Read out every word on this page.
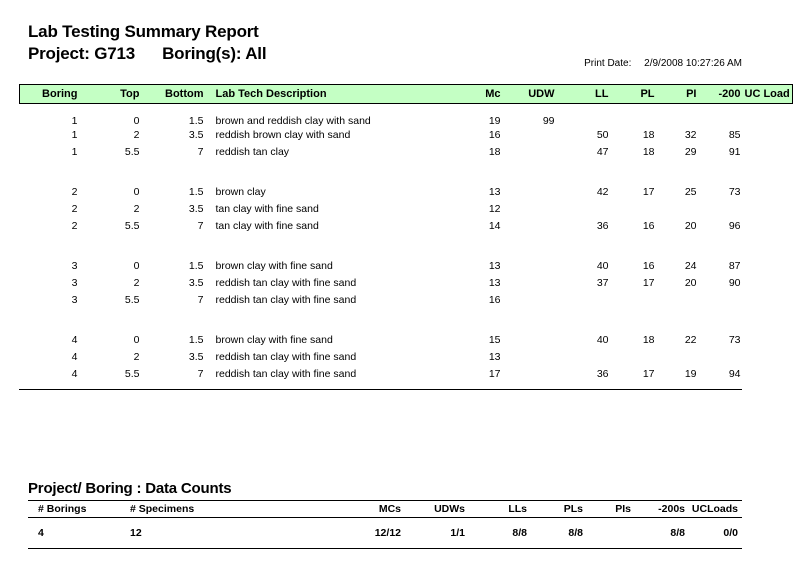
Lab Testing Summary Report
Project: G713 Boring(s): All
Print Date: 2/9/2008 10:27:26 AM
Boring	Top	Bottom	Lab Tech Description	Mc	UDW	LL	PL	PI	-200	UC Load
1	0	1.5	brown and reddish clay with sand	19	99					
1	2	3.5	reddish brown clay with sand	16		50	18	32	85	
1	5.5	7	reddish tan clay	18		47	18	29	91	

2	0	1.5	brown clay	13		42	17	25	73	
2	2	3.5	tan clay with fine sand	12						
2	5.5	7	tan clay with fine sand	14		36	16	20	96	

3	0	1.5	brown clay with fine sand	13		40	16	24	87	
3	2	3.5	reddish tan clay with fine sand	13		37	17	20	90	
3	5.5	7	reddish tan clay with fine sand	16						

4	0	1.5	brown clay with fine sand	15		40	18	22	73	
4	2	3.5	reddish tan clay with fine sand	13						
4	5.5	7	reddish tan clay with fine sand	17		36	17	19	94	
Project/ Boring : Data Counts
# Borings	# Specimens	MCs	UDWs	LLs	PLs	PIs	-200s	UCLoads
4	12	12/12	1/1	8/8	8/8		8/8	0/0
